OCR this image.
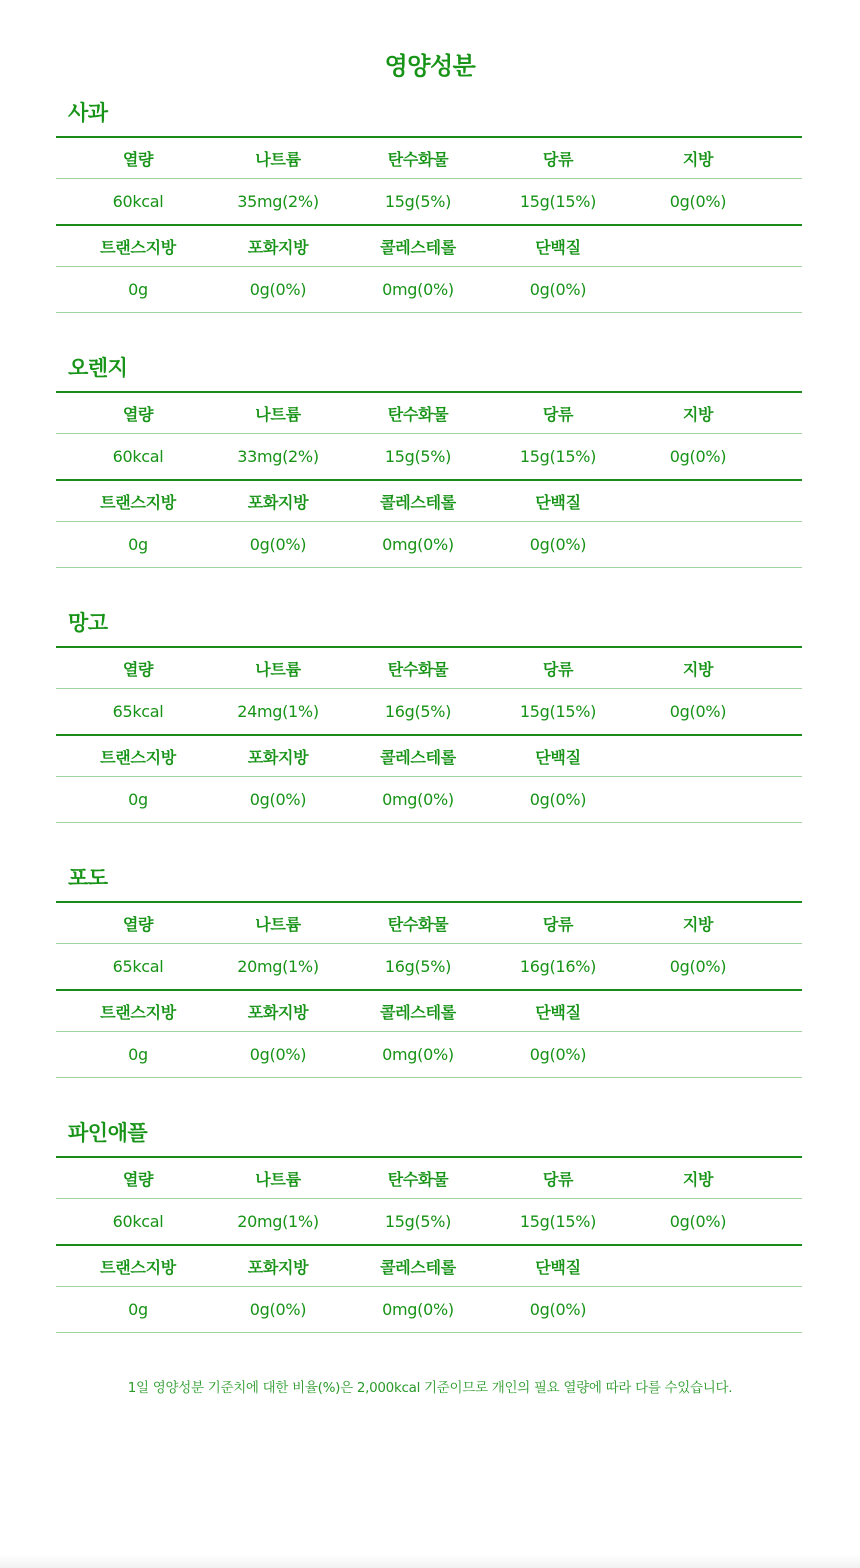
영양성분
사과
열량	나트륨	탄수화물	당류	지방
60kcal	35mg(2%)	15g(5%)	15g(15%)	0g(0%)
트랜스지방	포화지방	콜레스테롤	단백질
0g	0g(0%)	0mg(0%)	0g(0%)
오렌지
열량	나트륨	탄수화물	당류	지방
60kcal	33mg(2%)	15g(5%)	15g(15%)	0g(0%)
트랜스지방	포화지방	콜레스테롤	단백질
0g	0g(0%)	0mg(0%)	0g(0%)
망고
열량	나트륨	탄수화물	당류	지방
65kcal	24mg(1%)	16g(5%)	15g(15%)	0g(0%)
트랜스지방	포화지방	콜레스테롤	단백질
0g	0g(0%)	0mg(0%)	0g(0%)
포도
열량	나트륨	탄수화물	당류	지방
65kcal	20mg(1%)	16g(5%)	16g(16%)	0g(0%)
트랜스지방	포화지방	콜레스테롤	단백질
0g	0g(0%)	0mg(0%)	0g(0%)
파인애플
열량	나트륨	탄수화물	당류	지방
60kcal	20mg(1%)	15g(5%)	15g(15%)	0g(0%)
트랜스지방	포화지방	콜레스테롤	단백질
0g	0g(0%)	0mg(0%)	0g(0%)
1일 영양성분 기준치에 대한 비율(%)은 2,000kcal 기준이므로 개인의 필요 열량에 따라 다를 수있습니다.
